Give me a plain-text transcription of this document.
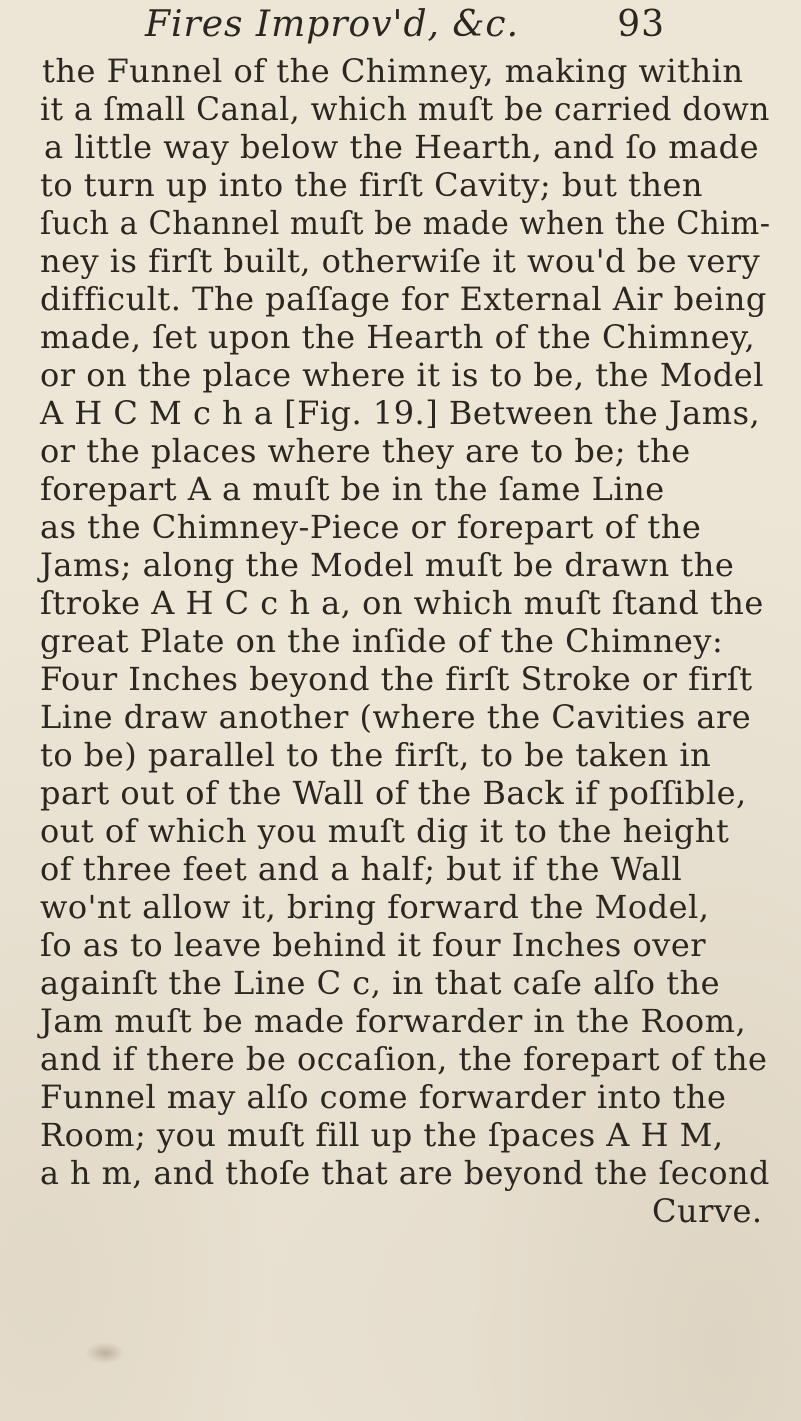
Fires Improv'd, &c.	93
the Funnel of the Chimney, making within
it a ſmall Canal, which muſt be carried down
a little way below the Hearth, and ſo made
to turn up into the firſt Cavity; but then
ſuch a Channel muſt be made when the Chim-
ney is firſt built, otherwiſe it wou'd be very
difficult. The paſſage for External Air being
made, ſet upon the Hearth of the Chimney,
or on the place where it is to be, the Model
A H C M c h a [Fig. 19.] Between the Jams,
or the places where they are to be; the
forepart A a muſt be in the ſame Line
as the Chimney-Piece or forepart of the
Jams; along the Model muſt be drawn the
ſtroke A H C c h a, on which muſt ſtand the
great Plate on the inſide of the Chimney:
Four Inches beyond the firſt Stroke or firſt
Line draw another (where the Cavities are
to be) parallel to the firſt, to be taken in
part out of the Wall of the Back if poſſible,
out of which you muſt dig it to the height
of three feet and a half; but if the Wall
wo'nt allow it, bring forward the Model,
ſo as to leave behind it four Inches over
againſt the Line C c, in that caſe alſo the
Jam muſt be made forwarder in the Room,
and if there be occaſion, the forepart of the
Funnel may alſo come forwarder into the
Room; you muſt fill up the ſpaces A H M,
a h m, and thoſe that are beyond the ſecond
Curve.
